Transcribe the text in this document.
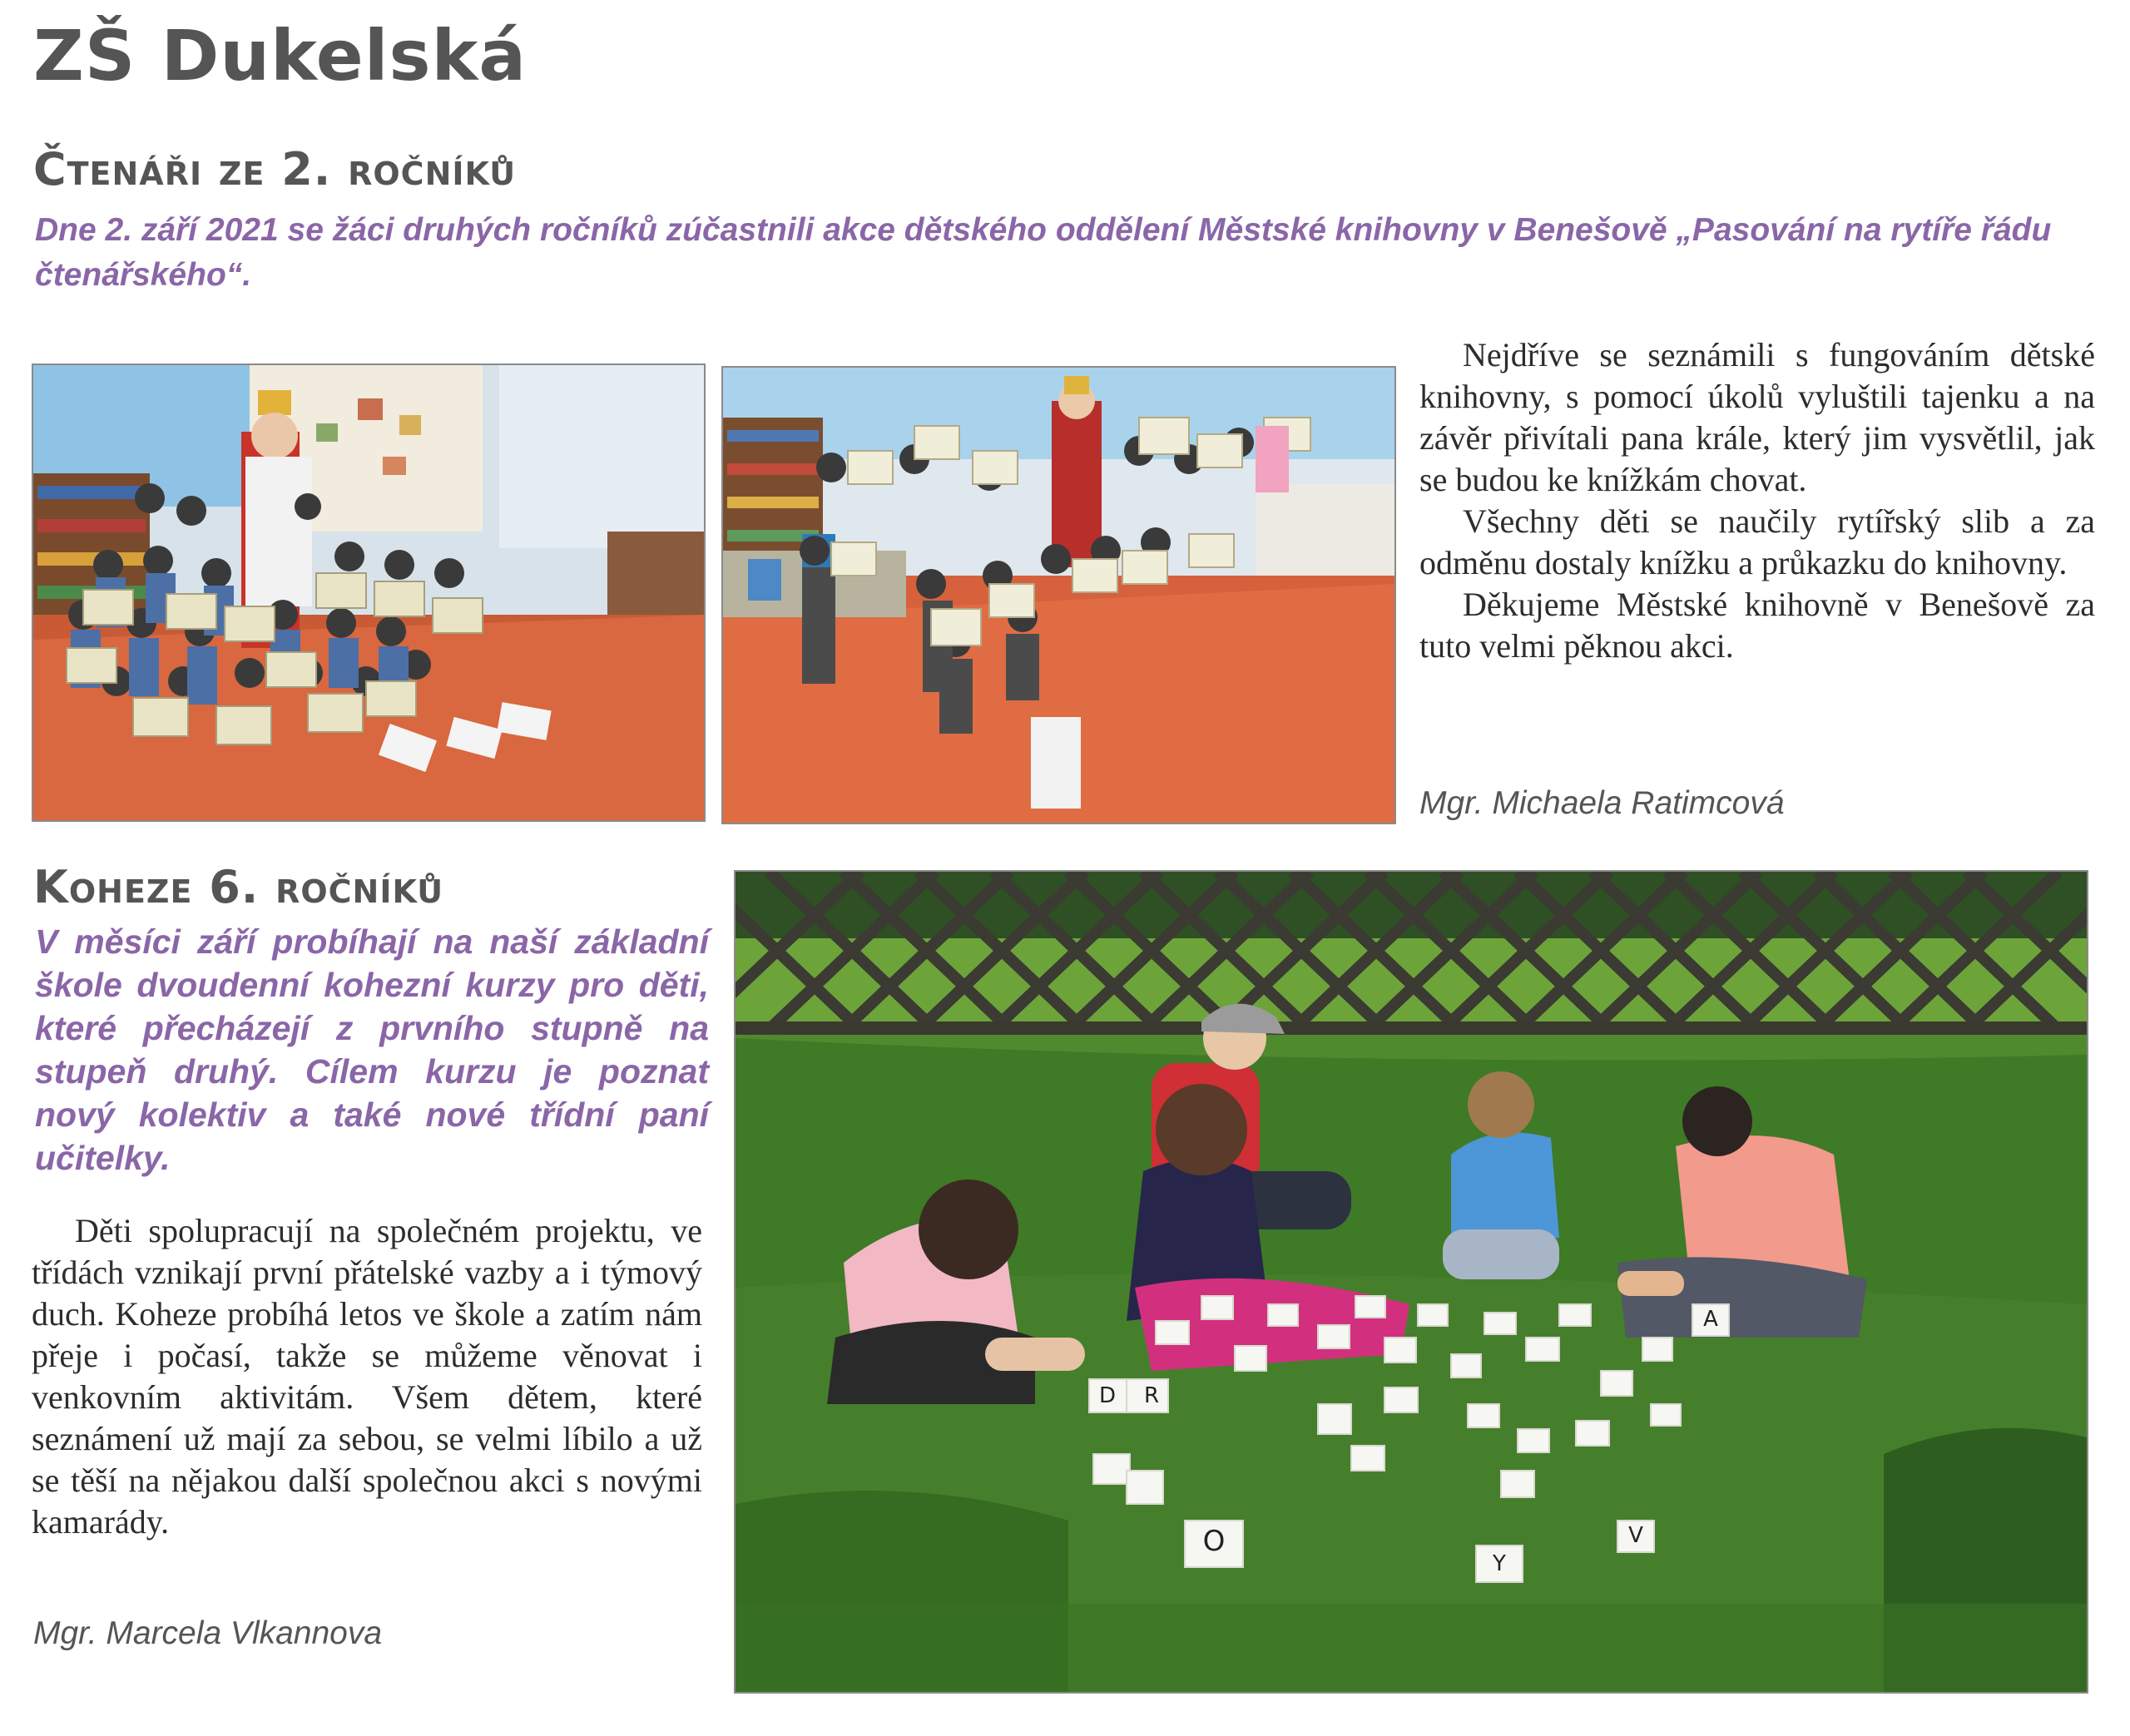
ZŠ Dukelská
Čtenáři ze 2. ročníků

Dne 2. září 2021 se žáci druhých ročníků zúčastnili akce dětského oddělení Městské knihovny v Benešově „Pasování na rytíře řádu čtenářského“.

Nejdříve se seznámili s fungováním dětské knihovny, s pomocí úkolů vyluštili tajenku a na závěr přivítali pana krále, který jim vysvětlil, jak se budou ke knížkám chovat.

Všechny děti se naučily rytířský slib a za odměnu dostaly knížku a průkazku do knihovny.

Děkujeme Městské knihovně v Benešově za tuto velmi pěknou akci.

Mgr. Michaela Ratimcová

Koheze 6. ročníků

V měsíci září probíhají na naší základní škole dvoudenní kohezní kurzy pro děti, které přecházejí z prvního stupně na stupeň druhý. Cílem kurzu je poznat nový kolektiv a také nové třídní paní učitelky.

Děti spolupracují na společném projektu, ve třídách vznikají první přátelské vazby a i týmový duch. Koheze probíhá letos ve škole a zatím nám přeje i počasí, takže se můžeme věnovat i venkovním aktivitám. Všem dětem, které seznámení už mají za sebou, se velmi líbilo a už se těší na nějakou další společnou akci s novými kamarády.

Mgr. Marcela Vlkannova

R
D
O
Y
V
A
